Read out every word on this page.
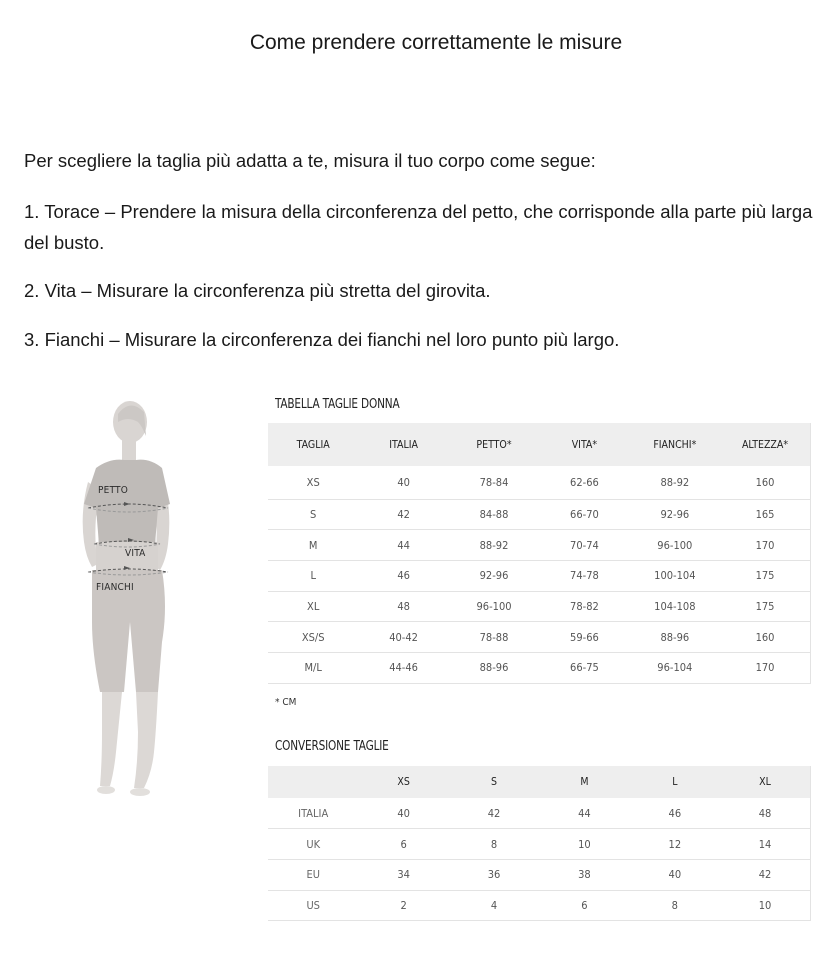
Come prendere correttamente le misure

Per scegliere la taglia più adatta a te, misura il tuo corpo come segue:

1. Torace – Prendere la misura della circonferenza del petto, che corrisponde alla parte più larga del busto.

2. Vita – Misurare la circonferenza più stretta del girovita.

3. Fianchi – Misurare la circonferenza dei fianchi nel loro punto più largo.

PETTO
VITA
FIANCHI
TABELLA TAGLIE DONNA
TAGLIA	ITALIA	PETTO*	VITA*	FIANCHI*	ALTEZZA*
XS	40	78-84	62-66	88-92	160
S	42	84-88	66-70	92-96	165
M	44	88-92	70-74	96-100	170
L	46	92-96	74-78	100-104	175
XL	48	96-100	78-82	104-108	175
XS/S	40-42	78-88	59-66	88-96	160
M/L	44-46	88-96	66-75	96-104	170

* CM

CONVERSIONE TAGLIE
	XS	S	M	L	XL
ITALIA	40	42	44	46	48
UK	6	8	10	12	14
EU	34	36	38	40	42
US	2	4	6	8	10
